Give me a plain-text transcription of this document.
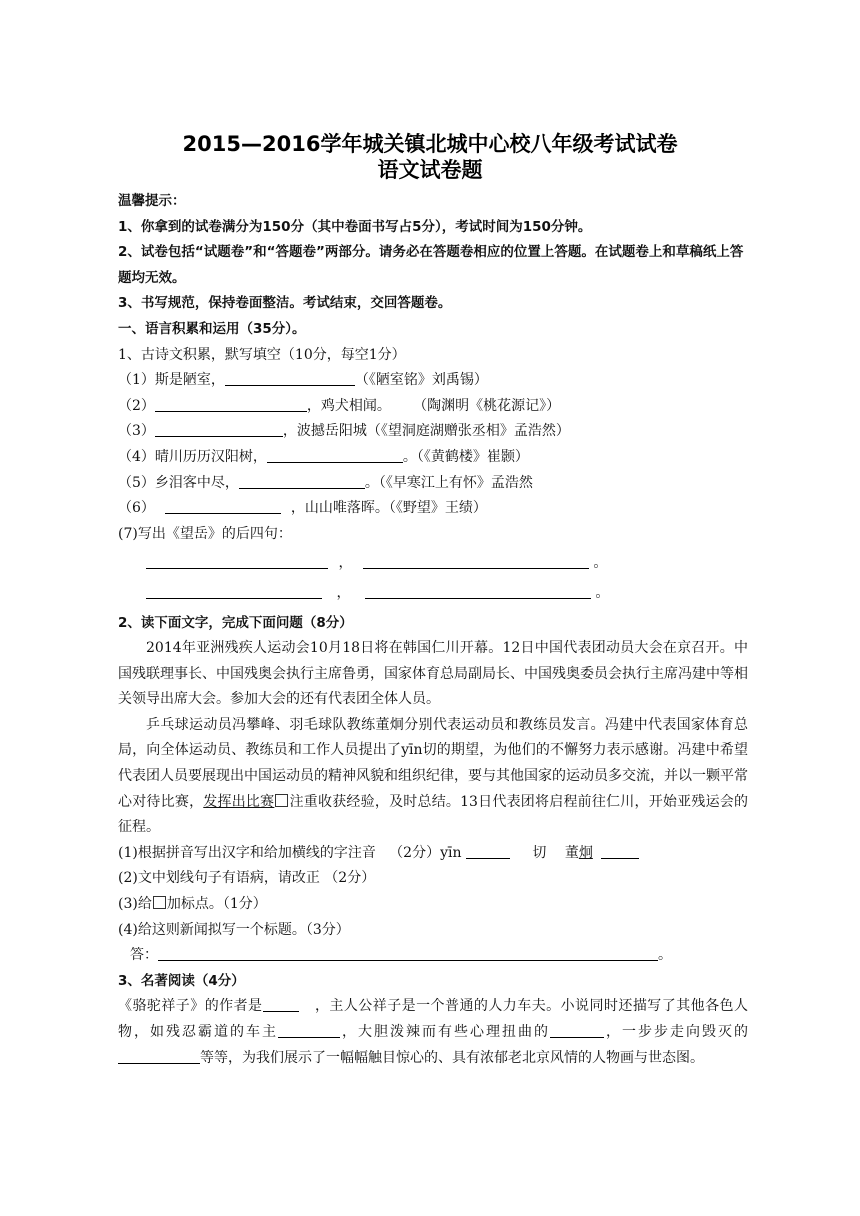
2015—2016学年城关镇北城中心校八年级考试试卷
语文试卷题
温馨提示：
1、你拿到的试卷满分为150分（其中卷面书写占5分），考试时间为150分钟。
2、试卷包括“试题卷”和“答题卷”两部分。请务必在答题卷相应的位置上答题。在试题卷上和草稿纸上答题均无效。
3、书写规范，保持卷面整洁。考试结束，交回答题卷。
一、语言积累和运用（35分）。
1、古诗文积累，默写填空（10分，每空1分）
（1）斯是陋室，	（《陋室铭》刘禹锡）
（2）	，鸡犬相闻。     （陶渊明《桃花源记》）
（3）	，波撼岳阳城（《望洞庭湖赠张丞相》孟浩然）
（4）晴川历历汉阳树，	。（《黄鹤楼》崔颢）
（5）乡泪客中尽，	。（《早寒江上有怀》孟浩然
（6）	，山山唯落晖。（《野望》王绩）
(7)写出《望岳》的后四句：
，	。
，	。
2、读下面文字，完成下面问题（8分）
2014年亚洲残疾人运动会10月18日将在韩国仁川开幕。12日中国代表团动员大会在京召开。中国残联理事长、中国残奥会执行主席鲁勇，国家体育总局副局长、中国残奥委员会执行主席冯建中等相关领导出席大会。参加大会的还有代表团全体人员。
乒乓球运动员冯攀峰、羽毛球队教练董炯分别代表运动员和教练员发言。冯建中代表国家体育总局，向全体运动员、教练员和工作人员提出了yīn切的期望，为他们的不懈努力表示感谢。冯建中希望代表团人员要展现出中国运动员的精神风貌和组织纪律，要与其他国家的运动员多交流，并以一颗平常心对待比赛，发挥出比赛 注重收获经验，及时总结。13日代表团将启程前往仁川，开始亚残运会的征程。
(1)根据拼音写出汉字和给加横线的字注音   （2分）yīn	切 董炯
(2)文中划线句子有语病，请改正 （2分）
(3)给 加标点。（1分）
(4)给这则新闻拟写一个标题。（3分）
答：	。
3、名著阅读（4分）
《骆驼祥子》的作者是	，主人公祥子是一个普通的人力车夫。小说同时还描写了其他各色人物，如残忍霸道的车主	，大胆泼辣而有些心理扭曲的	，一步步走向毁灭的等等，为我们展示了一幅幅触目惊心的、具有浓郁老北京风情的人物画与世态图。
